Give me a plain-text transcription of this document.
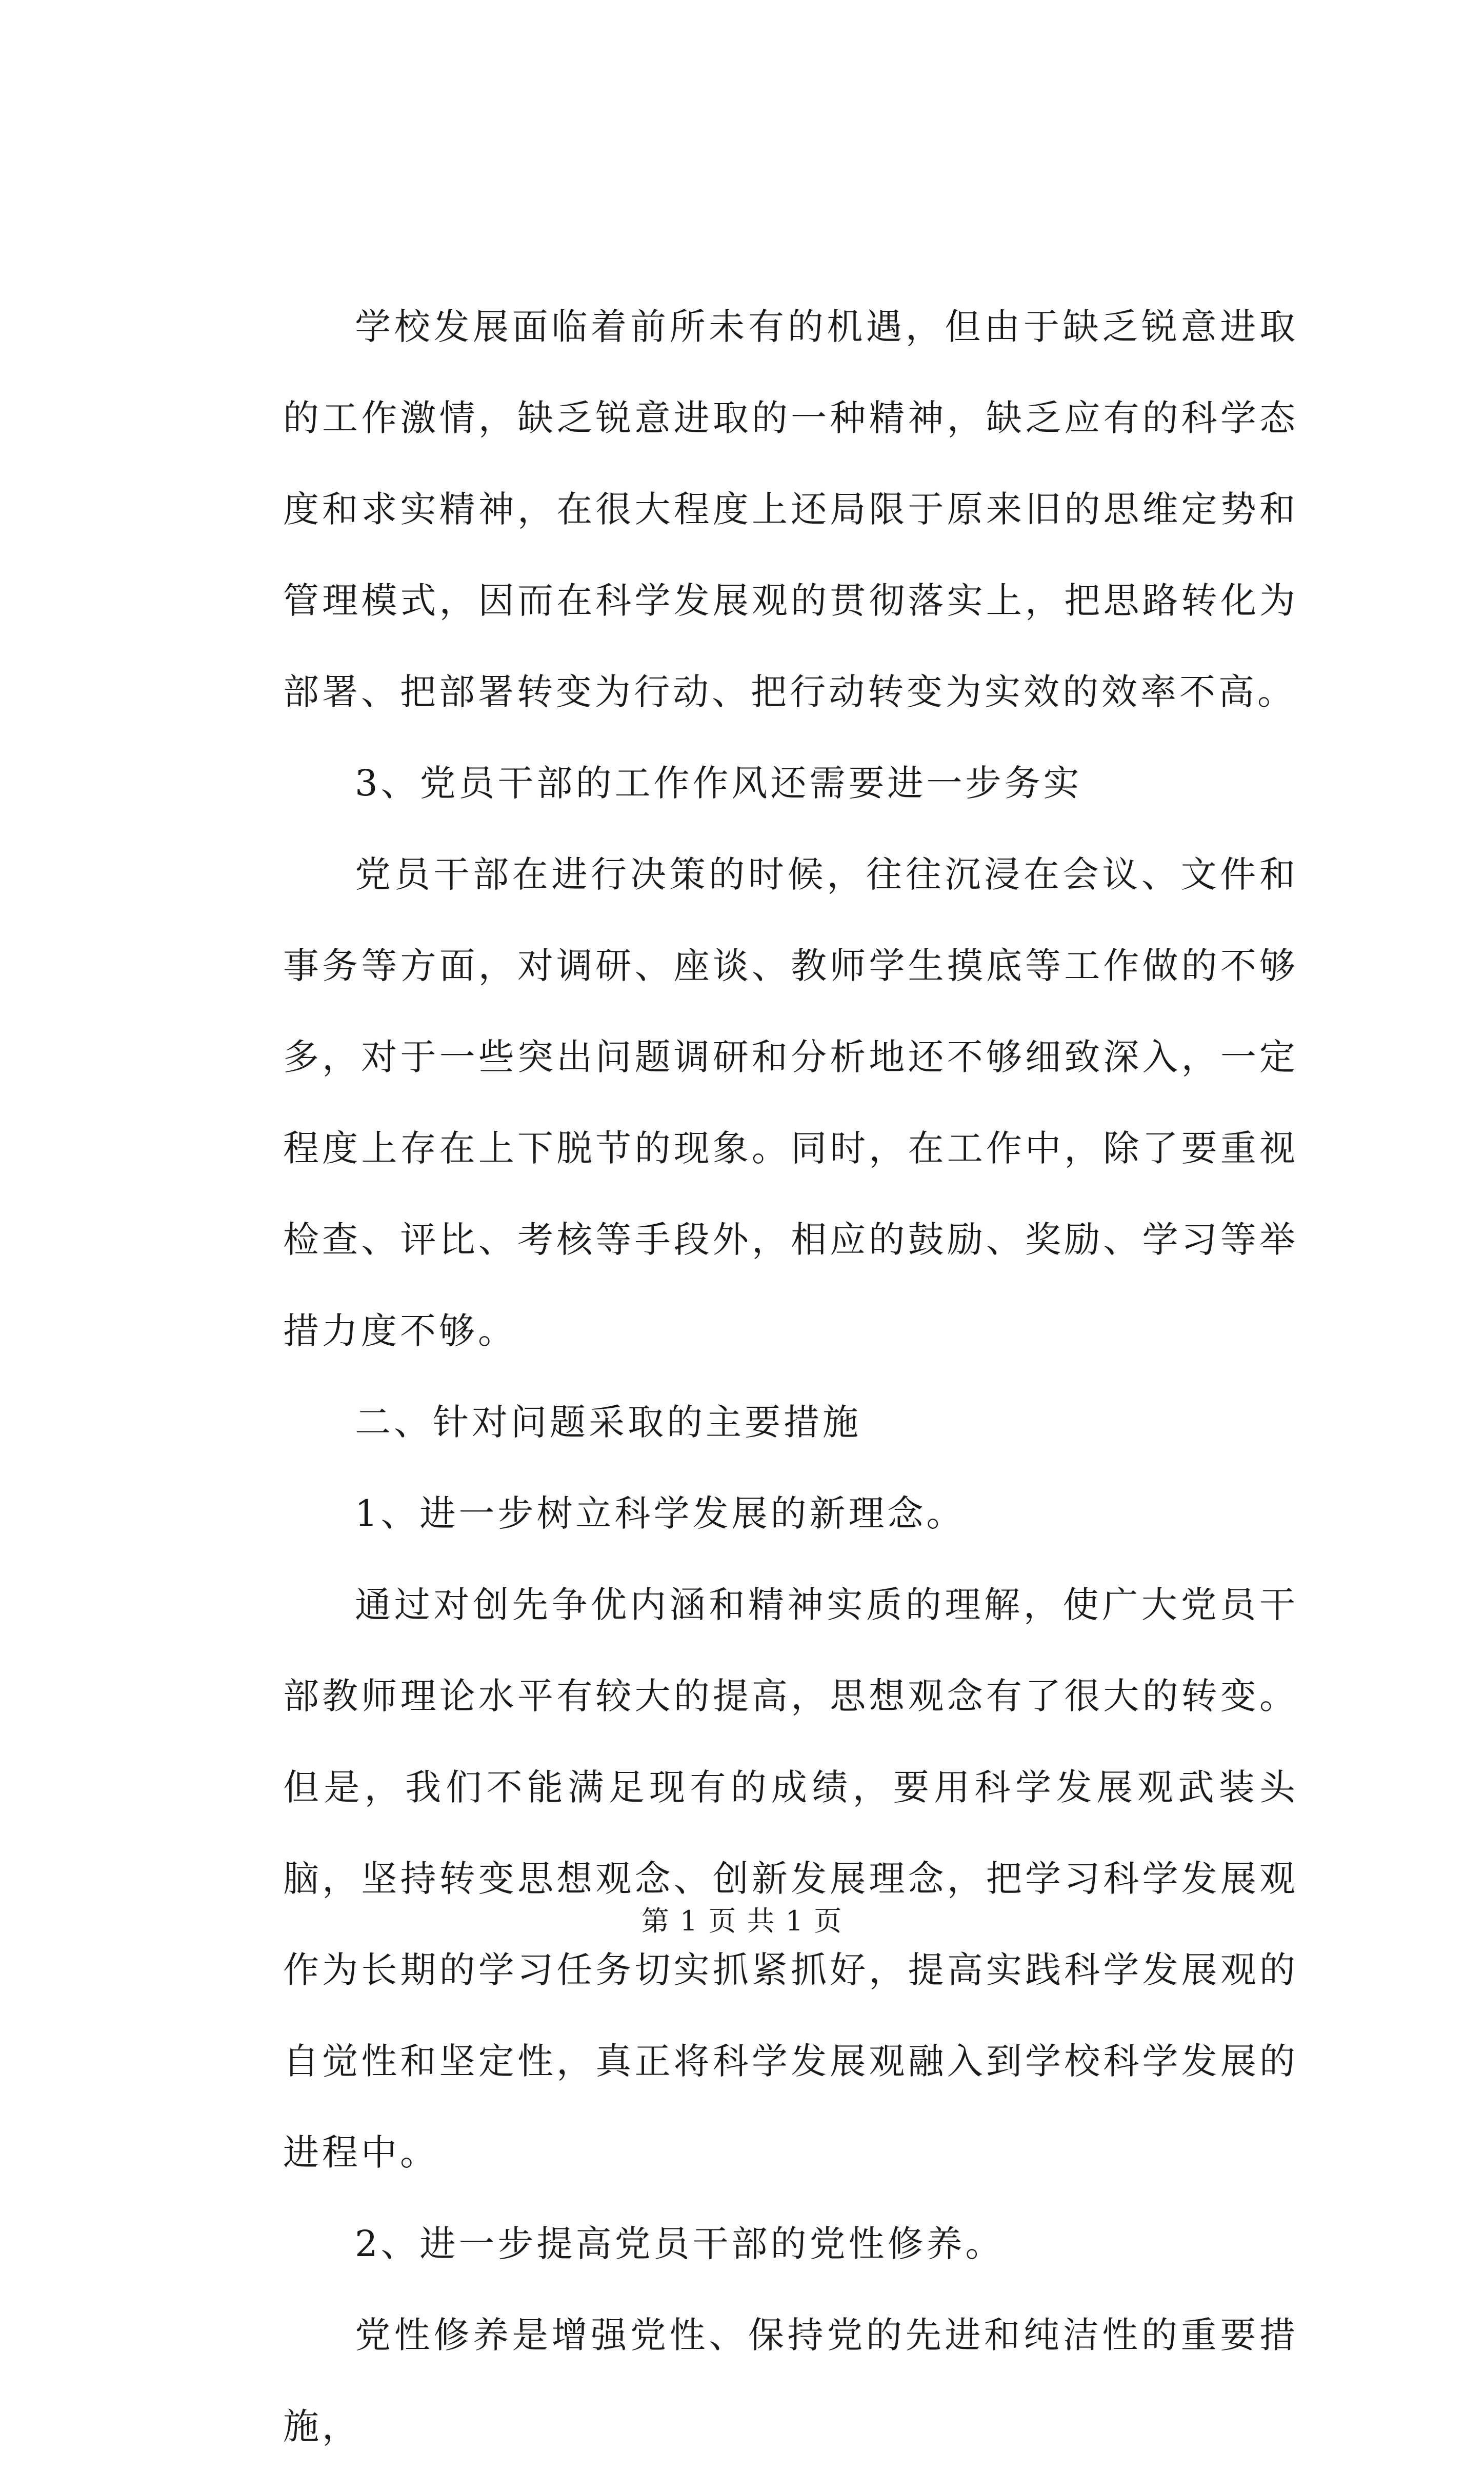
学校发展面临着前所未有的机遇，但由于缺乏锐意进取的工作激情，缺乏锐意进取的一种精神，缺乏应有的科学态度和求实精神，在很大程度上还局限于原来旧的思维定势和管理模式，因而在科学发展观的贯彻落实上，把思路转化为部署、把部署转变为行动、把行动转变为实效的效率不高。

3、党员干部的工作作风还需要进一步务实

党员干部在进行决策的时候，往往沉浸在会议、文件和事务等方面，对调研、座谈、教师学生摸底等工作做的不够多，对于一些突出问题调研和分析地还不够细致深入，一定程度上存在上下脱节的现象。同时，在工作中，除了要重视检查、评比、考核等手段外，相应的鼓励、奖励、学习等举措力度不够。

二、针对问题采取的主要措施

1、进一步树立科学发展的新理念。

通过对创先争优内涵和精神实质的理解，使广大党员干部教师理论水平有较大的提高，思想观念有了很大的转变。但是，我们不能满足现有的成绩，要用科学发展观武装头脑，坚持转变思想观念、创新发展理念，把学习科学发展观作为长期的学习任务切实抓紧抓好，提高实践科学发展观的自觉性和坚定性，真正将科学发展观融入到学校科学发展的进程中。

2、进一步提高党员干部的党性修养。

党性修养是增强党性、保持党的先进和纯洁性的重要措施，

第 1 页 共 1 页
